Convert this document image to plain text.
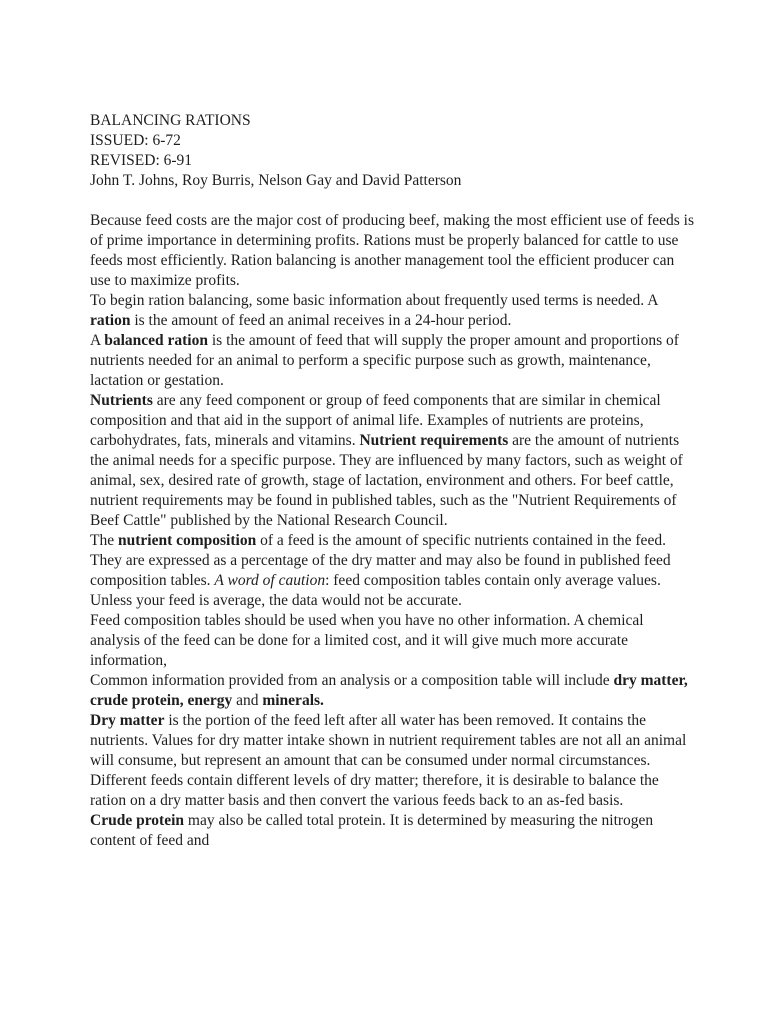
BALANCING RATIONS
ISSUED: 6-72
REVISED: 6-91
John T. Johns, Roy Burris, Nelson Gay and David Patterson

Because feed costs are the major cost of producing beef, making the most efficient use of feeds is of prime importance in determining profits. Rations must be properly balanced for cattle to use feeds most efficiently. Ration balancing is another management tool the efficient producer can use to maximize profits.

To begin ration balancing, some basic information about frequently used terms is needed. A ration is the amount of feed an animal receives in a 24-hour period.

A balanced ration is the amount of feed that will supply the proper amount and proportions of nutrients needed for an animal to perform a specific purpose such as growth, maintenance, lactation or gestation.

Nutrients are any feed component or group of feed components that are similar in chemical composition and that aid in the support of animal life. Examples of nutrients are proteins, carbohydrates, fats, minerals and vitamins. Nutrient requirements are the amount of nutrients the animal needs for a specific purpose. They are influenced by many factors, such as weight of animal, sex, desired rate of growth, stage of lactation, environment and others. For beef cattle, nutrient requirements may be found in published tables, such as the "Nutrient Requirements of Beef Cattle" published by the National Research Council.

The nutrient composition of a feed is the amount of specific nutrients contained in the feed. They are expressed as a percentage of the dry matter and may also be found in published feed composition tables. A word of caution: feed composition tables contain only average values. Unless your feed is average, the data would not be accurate.

Feed composition tables should be used when you have no other information. A chemical analysis of the feed can be done for a limited cost, and it will give much more accurate information,

Common information provided from an analysis or a composition table will include dry matter, crude protein, energy and minerals.

Dry matter is the portion of the feed left after all water has been removed. It contains the nutrients. Values for dry matter intake shown in nutrient requirement tables are not all an animal will consume, but represent an amount that can be consumed under normal circumstances.

Different feeds contain different levels of dry matter; therefore, it is desirable to balance the ration on a dry matter basis and then convert the various feeds back to an as-fed basis.

Crude protein may also be called total protein. It is determined by measuring the nitrogen content of feed and
